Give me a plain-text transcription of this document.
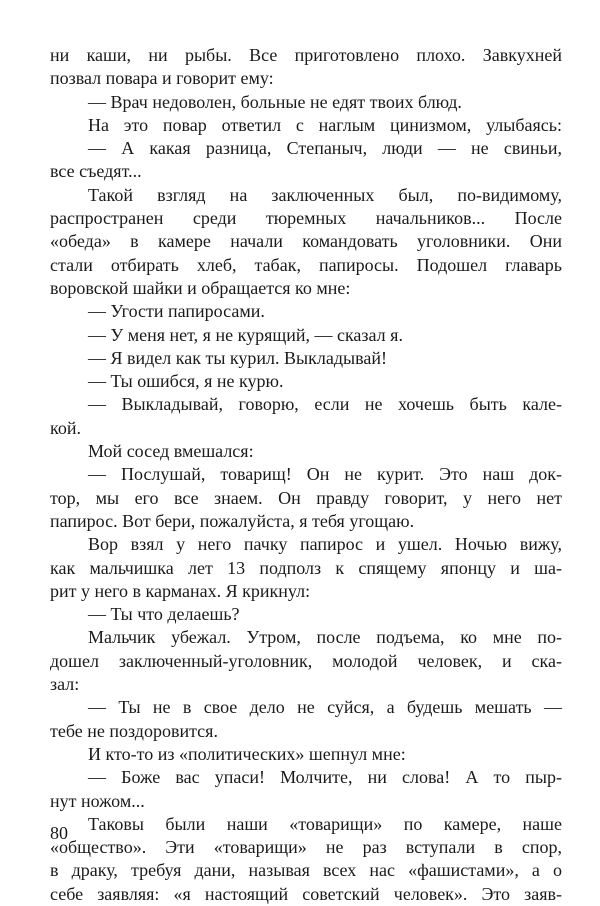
ни каши, ни рыбы. Все приготовлено плохо. Завкухней
позвал повара и говорит ему:
— Врач недоволен, больные не едят твоих блюд.
На это повар ответил с наглым цинизмом, улыбаясь:
— А какая разница, Степаныч, люди — не свиньи,
все съедят...
Такой взгляд на заключенных был, по-видимому,
распространен среди тюремных начальников... После
«обеда» в камере начали командовать уголовники. Они
стали отбирать хлеб, табак, папиросы. Подошел главарь
воровской шайки и обращается ко мне:
— Угости папиросами.
— У меня нет, я не курящий, — сказал я.
— Я видел как ты курил. Выкладывай!
— Ты ошибся, я не курю.
— Выкладывай, говорю, если не хочешь быть кале-
кой.
Мой сосед вмешался:
— Послушай, товарищ! Он не курит. Это наш док-
тор, мы его все знаем. Он правду говорит, у него нет
папирос. Вот бери, пожалуйста, я тебя угощаю.
Вор взял у него пачку папирос и ушел. Ночью вижу,
как мальчишка лет 13 подполз к спящему японцу и ша-
рит у него в карманах. Я крикнул:
— Ты что делаешь?
Мальчик убежал. Утром, после подъема, ко мне по-
дошел заключенный-уголовник, молодой человек, и ска-
зал:
— Ты не в свое дело не суйся, а будешь мешать —
тебе не поздоровится.
И кто-то из «политических» шепнул мне:
— Боже вас упаси! Молчите, ни слова! А то пыр-
нут ножом...
Таковы были наши «товарищи» по камере, наше
«общество». Эти «товарищи» не раз вступали в спор,
в драку, требуя дани, называя всех нас «фашистами», а о
себе заявляя: «я настоящий советский человек». Это заяв-
80
